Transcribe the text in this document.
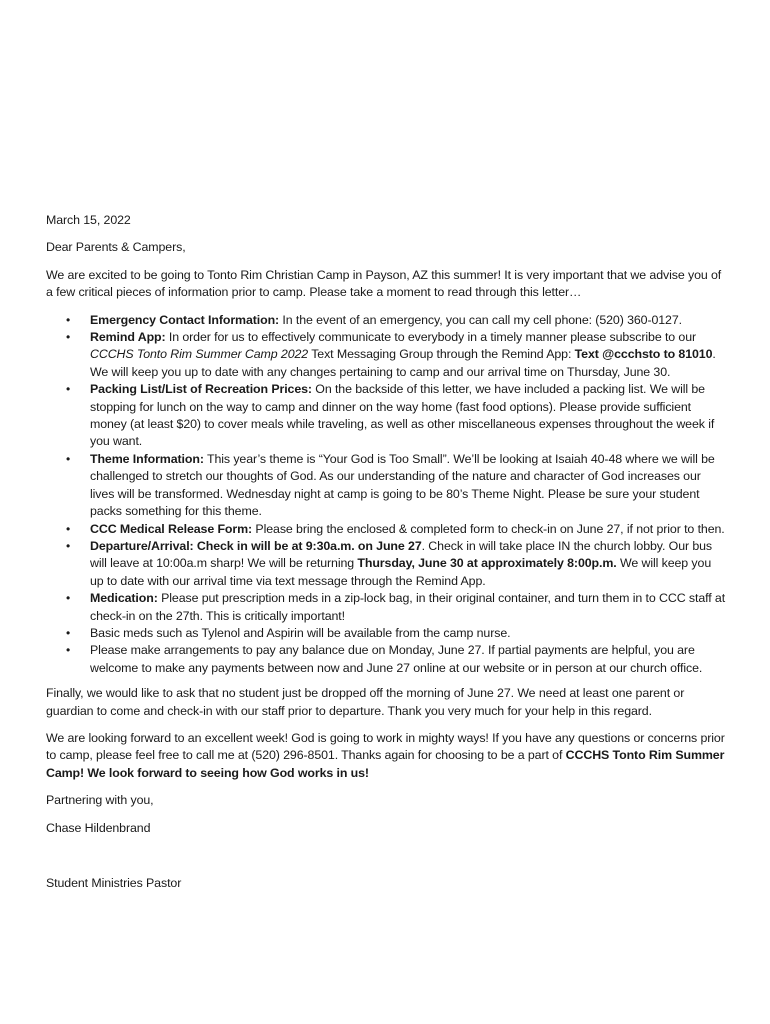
March 15, 2022

Dear Parents & Campers,

We are excited to be going to Tonto Rim Christian Camp in Payson, AZ this summer! It is very important that we advise you of a few critical pieces of information prior to camp. Please take a moment to read through this letter…

• Emergency Contact Information: In the event of an emergency, you can call my cell phone: (520) 360-0127.
• Remind App: In order for us to effectively communicate to everybody in a timely manner please subscribe to our CCCHS Tonto Rim Summer Camp 2022 Text Messaging Group through the Remind App: Text @ccchsto to 81010. We will keep you up to date with any changes pertaining to camp and our arrival time on Thursday, June 30.
• Packing List/List of Recreation Prices: On the backside of this letter, we have included a packing list. We will be stopping for lunch on the way to camp and dinner on the way home (fast food options). Please provide sufficient money (at least $20) to cover meals while traveling, as well as other miscellaneous expenses throughout the week if you want.
• Theme Information: This year’s theme is “Your God is Too Small”. We’ll be looking at Isaiah 40-48 where we will be challenged to stretch our thoughts of God. As our understanding of the nature and character of God increases our lives will be transformed. Wednesday night at camp is going to be 80’s Theme Night. Please be sure your student packs something for this theme.
• CCC Medical Release Form: Please bring the enclosed & completed form to check-in on June 27, if not prior to then.
• Departure/Arrival: Check in will be at 9:30a.m. on June 27. Check in will take place IN the church lobby. Our bus will leave at 10:00a.m sharp! We will be returning Thursday, June 30 at approximately 8:00p.m. We will keep you up to date with our arrival time via text message through the Remind App.
• Medication: Please put prescription meds in a zip-lock bag, in their original container, and turn them in to CCC staff at check-in on the 27th. This is critically important!
• Basic meds such as Tylenol and Aspirin will be available from the camp nurse.
• Please make arrangements to pay any balance due on Monday, June 27. If partial payments are helpful, you are welcome to make any payments between now and June 27 online at our website or in person at our church office.

Finally, we would like to ask that no student just be dropped off the morning of June 27. We need at least one parent or guardian to come and check-in with our staff prior to departure. Thank you very much for your help in this regard.

We are looking forward to an excellent week! God is going to work in mighty ways! If you have any questions or concerns prior to camp, please feel free to call me at (520) 296-8501. Thanks again for choosing to be a part of CCCHS Tonto Rim Summer Camp! We look forward to seeing how God works in us!

Partnering with you,

Chase Hildenbrand

Student Ministries Pastor
